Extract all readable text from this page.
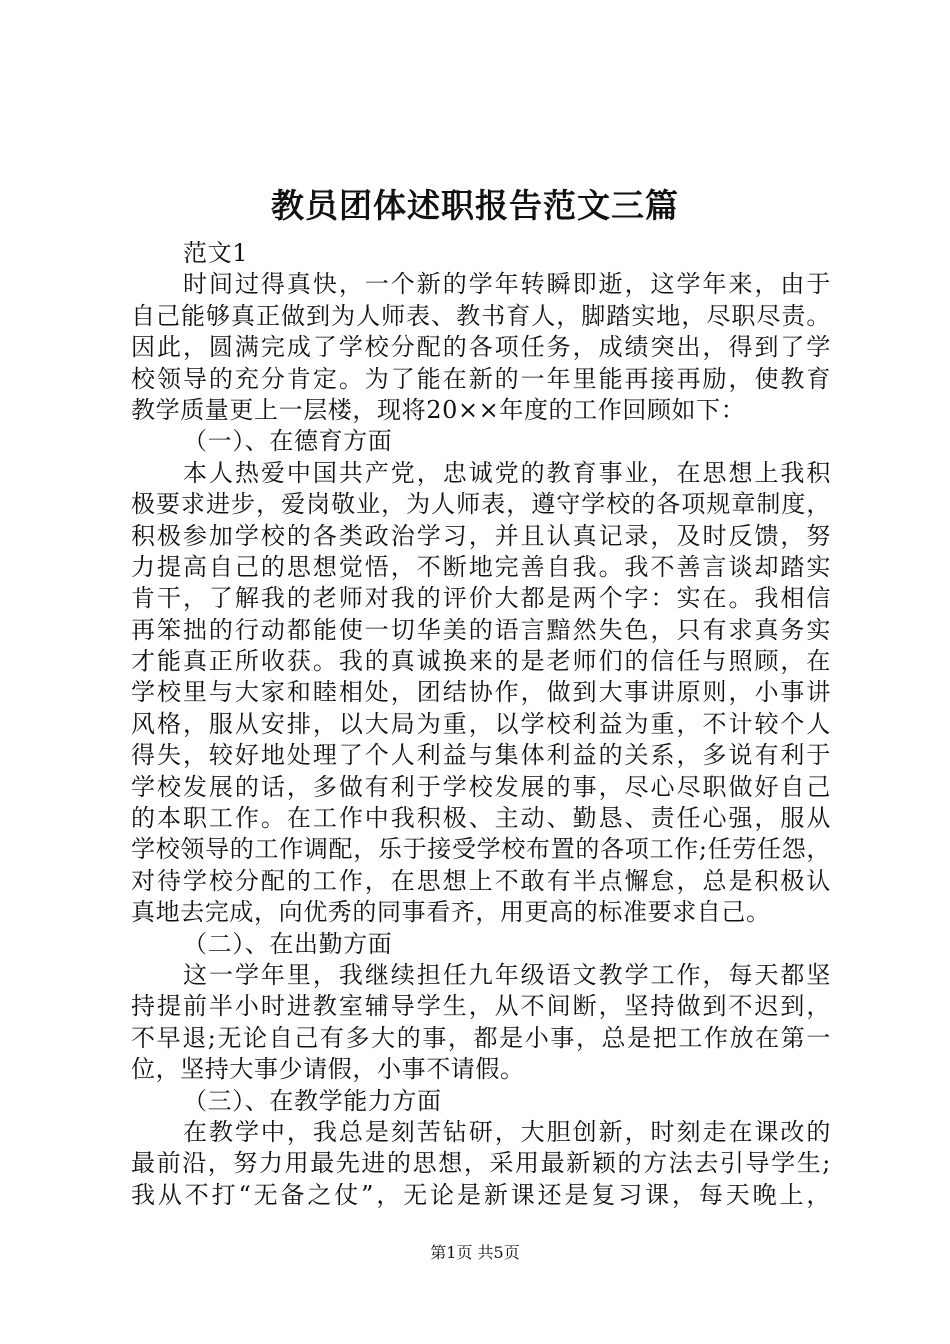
教员团体述职报告范文三篇
范文1
时间过得真快，一个新的学年转瞬即逝，这学年来，由于
自己能够真正做到为人师表、教书育人，脚踏实地，尽职尽责。
因此，圆满完成了学校分配的各项任务，成绩突出，得到了学
校领导的充分肯定。为了能在新的一年里能再接再励，使教育
教学质量更上一层楼，现将20××年度的工作回顾如下：
（一）、在德育方面
本人热爱中国共产党，忠诚党的教育事业，在思想上我积
极要求进步，爱岗敬业，为人师表，遵守学校的各项规章制度，
积极参加学校的各类政治学习，并且认真记录，及时反馈，努
力提高自己的思想觉悟，不断地完善自我。我不善言谈却踏实
肯干，了解我的老师对我的评价大都是两个字：实在。我相信
再笨拙的行动都能使一切华美的语言黯然失色，只有求真务实
才能真正所收获。我的真诚换来的是老师们的信任与照顾，在
学校里与大家和睦相处，团结协作，做到大事讲原则，小事讲
风格，服从安排，以大局为重，以学校利益为重，不计较个人
得失，较好地处理了个人利益与集体利益的关系，多说有利于
学校发展的话，多做有利于学校发展的事，尽心尽职做好自己
的本职工作。在工作中我积极、主动、勤恳、责任心强，服从
学校领导的工作调配，乐于接受学校布置的各项工作;任劳任怨，
对待学校分配的工作，在思想上不敢有半点懈怠，总是积极认
真地去完成，向优秀的同事看齐，用更高的标准要求自己。
（二）、在出勤方面
这一学年里，我继续担任九年级语文教学工作，每天都坚
持提前半小时进教室辅导学生，从不间断，坚持做到不迟到，
不早退;无论自己有多大的事，都是小事，总是把工作放在第一
位，坚持大事少请假，小事不请假。
（三）、在教学能力方面
在教学中，我总是刻苦钻研，大胆创新，时刻走在课改的
最前沿，努力用最先进的思想，采用最新颖的方法去引导学生;
我从不打“无备之仗”，无论是新课还是复习课，每天晚上，
第1页 共5页
